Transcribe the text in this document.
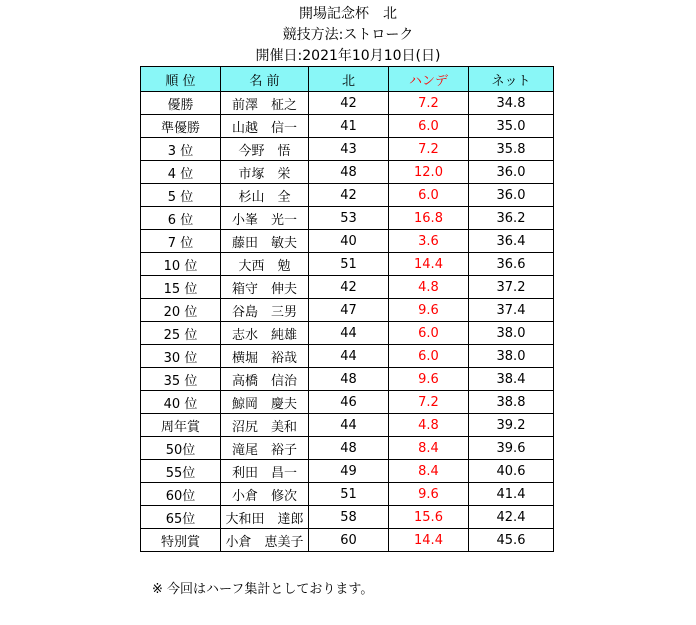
開場記念杯　北
競技方法:ストローク
開催日:2021年10月10日(日)
順 位	名 前	北	ハンデ	ネット
優勝	前澤　柾之	42	7.2	34.8
準優勝	山越　信一	41	6.0	35.0
3 位	今野　悟	43	7.2	35.8
4 位	市塚　栄	48	12.0	36.0
5 位	杉山　全	42	6.0	36.0
6 位	小峯　光一	53	16.8	36.2
7 位	藤田　敏夫	40	3.6	36.4
10 位	大西　勉	51	14.4	36.6
15 位	箱守　伸夫	42	4.8	37.2
20 位	谷島　三男	47	9.6	37.4
25 位	志水　純雄	44	6.0	38.0
30 位	横堀　裕哉	44	6.0	38.0
35 位	高橋　信治	48	9.6	38.4
40 位	鯨岡　慶夫	46	7.2	38.8
周年賞	沼尻　美和	44	4.8	39.2
50位	滝尾　裕子	48	8.4	39.6
55位	利田　昌一	49	8.4	40.6
60位	小倉　修次	51	9.6	41.4
65位	大和田　達郎	58	15.6	42.4
特別賞	小倉　恵美子	60	14.4	45.6
※ 今回はハーフ集計としております。
